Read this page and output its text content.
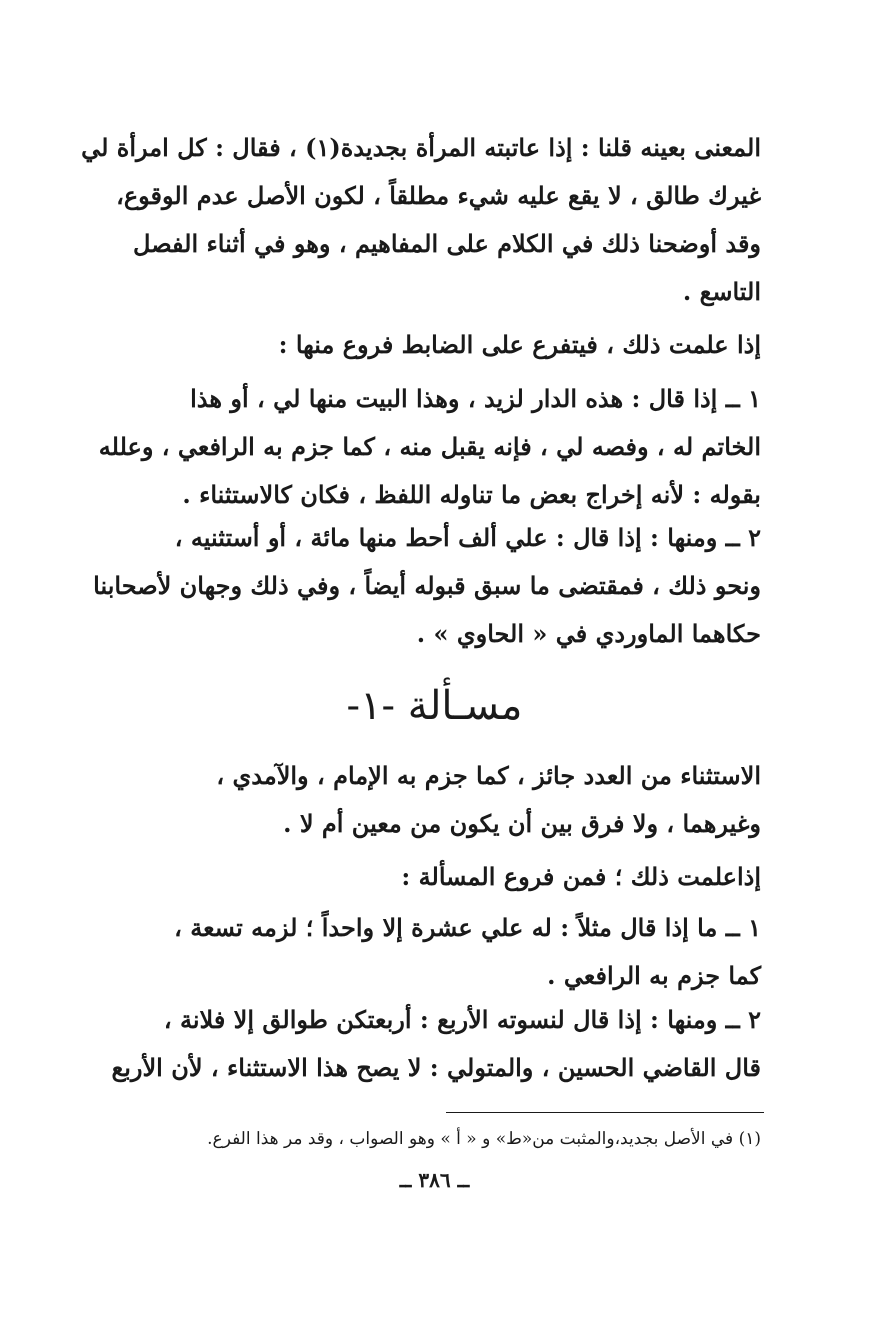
المعنى بعينه قلنا : إذا عاتبته المرأة بجديدة(١) ، فقال : كل امرأة لي
غيرك طالق ، لا يقع عليه شيء مطلقاً ، لكون الأصل عدم الوقوع،
وقد أوضحنا ذلك في الكلام على المفاهيم ، وهو في أثناء الفصل
التاسع .
إذا علمت ذلك ، فيتفرع على الضابط فروع منها :
١ ــ إذا قال : هذه الدار لزيد ، وهذا البيت منها لي ، أو هذا
الخاتم له ، وفصه لي ، فإنه يقبل منه ، كما جزم به الرافعي ، وعلله
بقوله : لأنه إخراج بعض ما تناوله اللفظ ، فكان كالاستثناء .
٢ ــ ومنها : إذا قال : علي ألف أحط منها مائة ، أو أستثنيه ،
ونحو ذلك ، فمقتضى ما سبق قبوله أيضاً ، وفي ذلك وجهان لأصحابنا
حكاهما الماوردي في « الحاوي » .
مسـألة -١-
الاستثناء من العدد جائز ، كما جزم به الإمام ، والآمدي ،
وغيرهما ، ولا فرق بين أن يكون من معين أم لا .
إذاعلمت ذلك ؛ فمن فروع المسألة :
١ ــ ما إذا قال مثلاً : له علي عشرة إلا واحداً ؛ لزمه تسعة ،
كما جزم به الرافعي .
٢ ــ ومنها : إذا قال لنسوته الأربع : أربعتكن طوالق إلا فلانة ،
قال القاضي الحسين ، والمتولي : لا يصح هذا الاستثناء ، لأن الأربع
(١) في الأصل بجديد،والمثبت من«ط» و « أ » وهو الصواب ، وقد مر هذا الفرع.
ــ ٣٨٦ ــ
